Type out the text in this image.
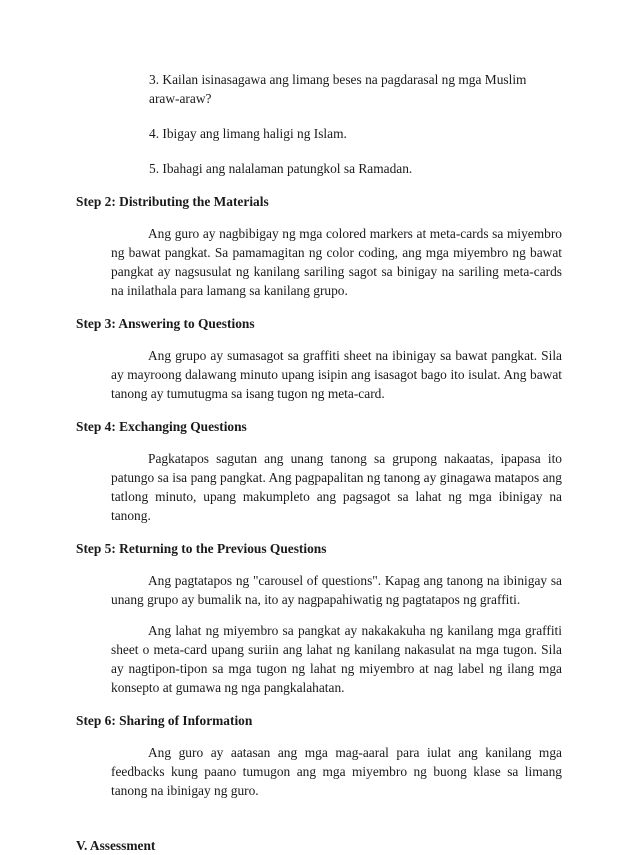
3. Kailan isinasagawa ang limang beses na pagdarasal ng mga Muslim araw-araw?
4. Ibigay ang limang haligi ng Islam.
5. Ibahagi ang nalalaman patungkol sa Ramadan.
Step 2: Distributing the Materials

Ang guro ay nagbibigay ng mga colored markers at meta-cards sa miyembro ng bawat pangkat. Sa pamamagitan ng color coding, ang mga miyembro ng bawat pangkat ay nagsusulat ng kanilang sariling sagot sa binigay na sariling meta-cards na inilathala para lamang sa kanilang grupo.

Step 3: Answering to Questions

Ang grupo ay sumasagot sa graffiti sheet na ibinigay sa bawat pangkat. Sila ay mayroong dalawang minuto upang isipin ang isasagot bago ito isulat. Ang bawat tanong ay tumutugma sa isang tugon ng meta-card.

Step 4: Exchanging Questions

Pagkatapos sagutan ang unang tanong sa grupong nakaatas, ipapasa ito patungo sa isa pang pangkat. Ang pagpapalitan ng tanong ay ginagawa matapos ang tatlong minuto, upang makumpleto ang pagsagot sa lahat ng mga ibinigay na tanong.

Step 5: Returning to the Previous Questions

Ang pagtatapos ng "carousel of questions". Kapag ang tanong na ibinigay sa unang grupo ay bumalik na, ito ay nagpapahiwatig ng pagtatapos ng graffiti.

Ang lahat ng miyembro sa pangkat ay nakakakuha ng kanilang mga graffiti sheet o meta-card upang suriin ang lahat ng kanilang nakasulat na mga tugon. Sila ay nagtipon-tipon sa mga tugon ng lahat ng miyembro at nag label ng ilang mga konsepto at gumawa ng nga pangkalahatan.

Step 6: Sharing of Information

Ang guro ay aatasan ang mga mag-aaral para iulat ang kanilang mga feedbacks kung paano tumugon ang mga miyembro ng buong klase sa limang tanong na ibinigay ng guro.

V. Assessment
